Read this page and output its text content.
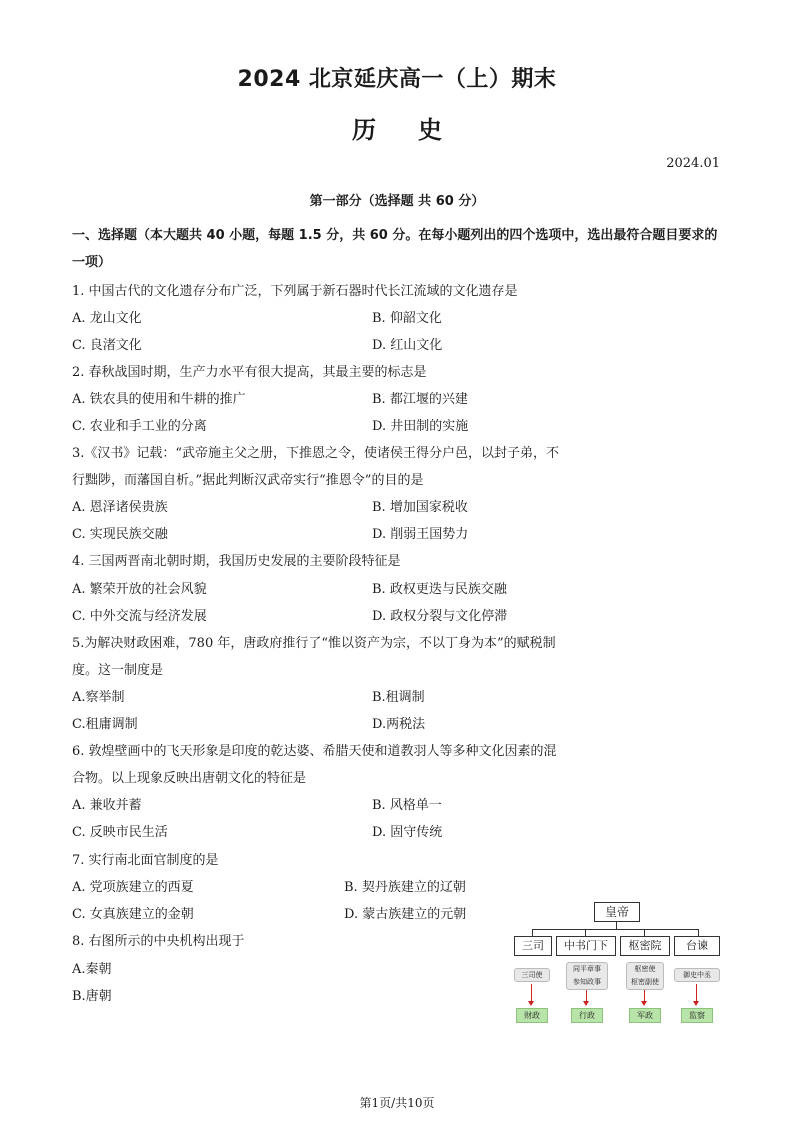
2024 北京延庆高一（上）期末
历 史
2024.01
第一部分（选择题 共 60 分）
一、选择题（本大题共 40 小题，每题 1.5 分，共 60 分。在每小题列出的四个选项中，选出最符合题目要求的一项）
1. 中国古代的文化遗存分布广泛，下列属于新石器时代长江流域的文化遗存是
A. 龙山文化	B. 仰韶文化
C. 良渚文化	D. 红山文化
2. 春秋战国时期，生产力水平有很大提高，其最主要的标志是
A. 铁农具的使用和牛耕的推广	B. 都江堰的兴建
C. 农业和手工业的分离	D. 井田制的实施
3.《汉书》记载：“武帝施主父之册，下推恩之令，使诸侯王得分户邑，以封子弟，不
行黜陟，而藩国自析。”据此判断汉武帝实行“推恩令”的目的是
A. 恩泽诸侯贵族	B. 增加国家税收
C. 实现民族交融	D. 削弱王国势力
4. 三国两晋南北朝时期，我国历史发展的主要阶段特征是
A. 繁荣开放的社会风貌	B. 政权更迭与民族交融
C. 中外交流与经济发展	D. 政权分裂与文化停滞
5.为解决财政困难，780 年，唐政府推行了“惟以资产为宗，不以丁身为本”的赋税制
度。这一制度是
A.察举制	B.租调制
C.租庸调制	D.两税法
6. 敦煌壁画中的飞天形象是印度的乾达婆、希腊天使和道教羽人等多种文化因素的混
合物。以上现象反映出唐朝文化的特征是
A. 兼收并蓄	B. 风格单一
C. 反映市民生活	D. 固守传统
7. 实行南北面官制度的是
A. 党项族建立的西夏	B. 契丹族建立的辽朝
C. 女真族建立的金朝	D. 蒙古族建立的元朝
8. 右图所示的中央机构出现于
A.秦朝
B.唐朝
皇帝
三司	中书门下	枢密院	台谏
三司使
同平章事
参知政事
枢密使
枢密副使
御史中丞
财政	行政	军政	监察
第1页/共10页
